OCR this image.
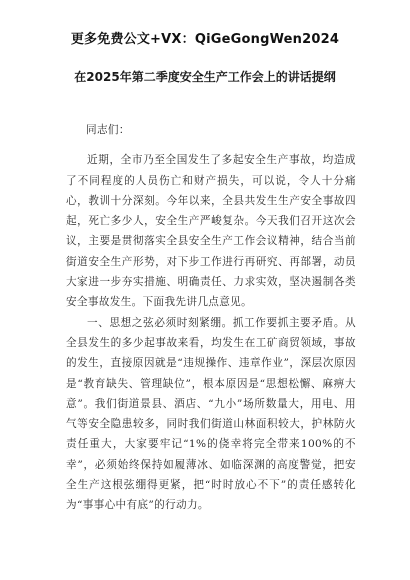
更多免费公文+VX：QiGeGongWen2024
在2025年第二季度安全生产工作会上的讲话提纲

同志们：

近期，全市乃至全国发生了多起安全生产事故，均造成了不同程度的人员伤亡和财产损失，可以说，令人十分痛心，教训十分深刻。今年以来，全县共发生生产安全事故四起，死亡多少人，安全生产严峻复杂。今天我们召开这次会议，主要是贯彻落实全县安全生产工作会议精神，结合当前街道安全生产形势，对下步工作进行再研究、再部署，动员大家进一步夯实措施、明确责任、力求实效，坚决遏制各类安全事故发生。下面我先讲几点意见。

一、思想之弦必须时刻紧绷。抓工作要抓主要矛盾。从全县发生的多少起事故来看，均发生在工矿商贸领域，事故的发生，直接原因就是“违规操作、违章作业”，深层次原因是“教育缺失、管理缺位”，根本原因是“思想松懈、麻痹大意”。我们街道景县、酒店、“九小”场所数量大，用电、用气等安全隐患较多，同时我们街道山林面积较大，护林防火责任重大，大家要牢记“1%的侥幸将完全带来100%的不幸”，必须始终保持如履薄冰、如临深渊的高度警觉，把安全生产这根弦绷得更紧，把“时时放心不下”的责任感转化为“事事心中有底”的行动力。
